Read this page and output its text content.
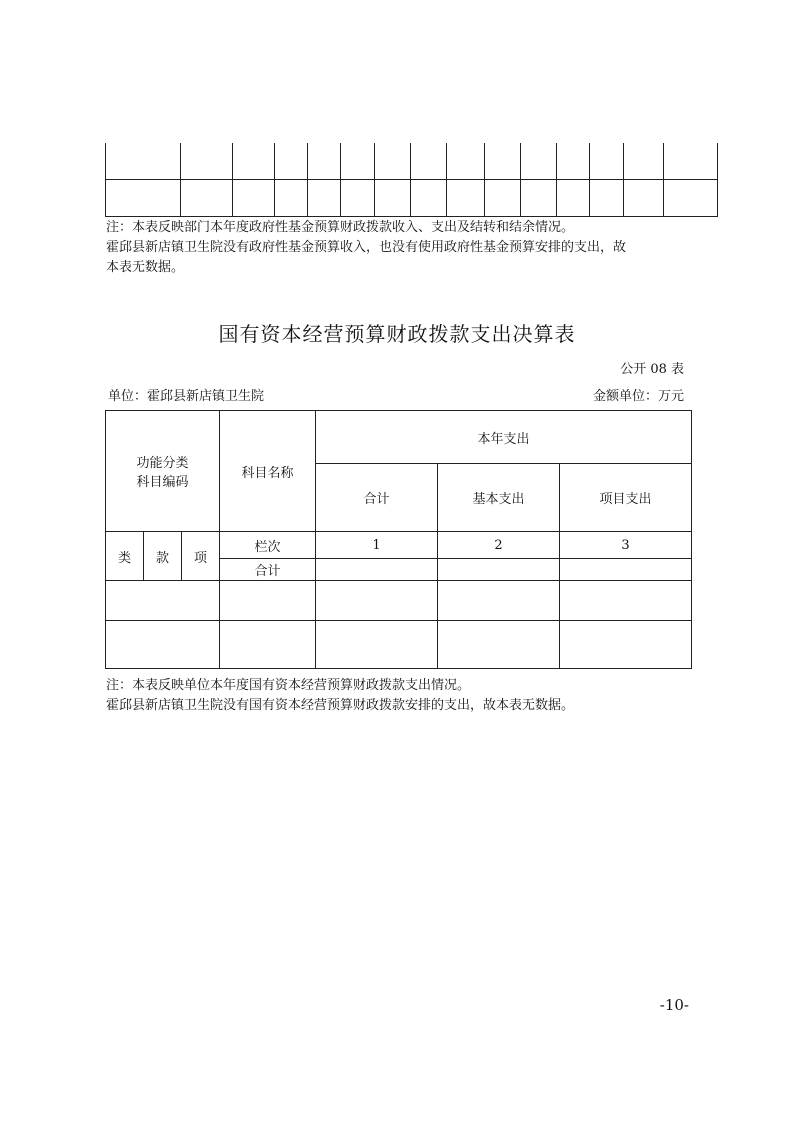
注：本表反映部门本年度政府性基金预算财政拨款收入、支出及结转和结余情况。
霍邱县新店镇卫生院没有政府性基金预算收入，也没有使用政府性基金预算安排的支出，故
本表无数据。
国有资本经营预算财政拨款支出决算表
公开 08 表
单位：霍邱县新店镇卫生院	金额单位：万元
功能分类
科目编码			科目名称	本年支出		
				合计	基本支出	项目支出
类	款	项	栏次	1	2	3
			合计			

注：本表反映单位本年度国有资本经营预算财政拨款支出情况。
霍邱县新店镇卫生院没有国有资本经营预算财政拨款安排的支出，故本表无数据。
-10-
